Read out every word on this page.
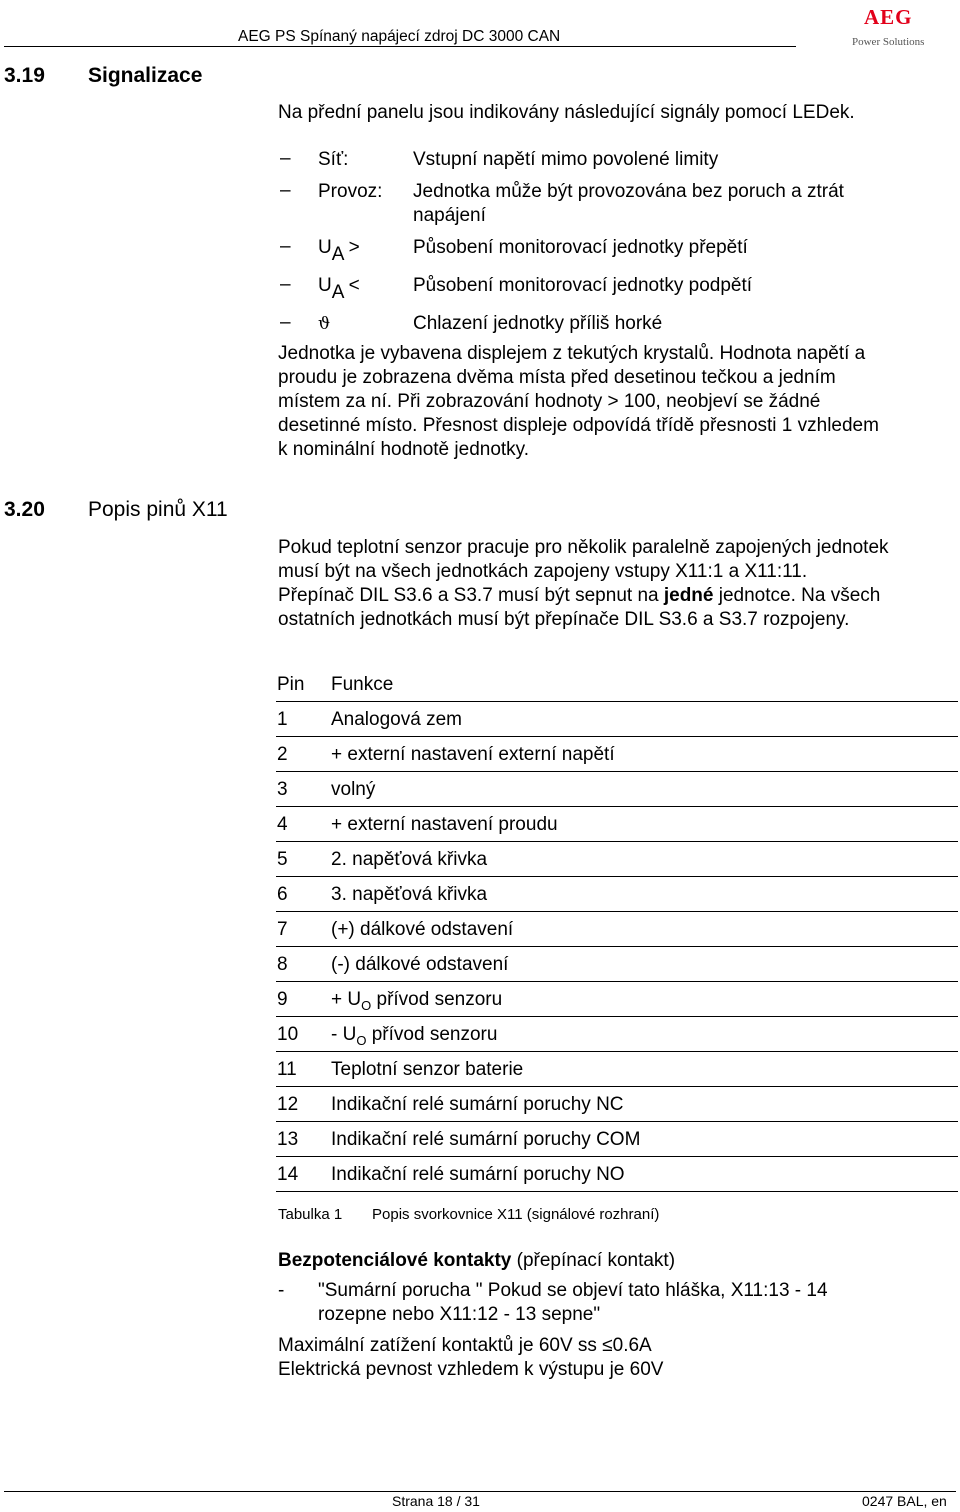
AEG PS Spínaný napájecí zdroj DC 3000 CAN
AEG
Power Solutions
3.19 Signalizace
Na přední panelu jsou indikovány následující signály pomocí LEDek.
– Síť:	Vstupní napětí mimo povolené limity
– Provoz: Jednotka může být provozována bez poruch a ztrát
napájení
– UA >	Působení monitorovací jednotky přepětí
– UA <	Působení monitorovací jednotky podpětí
– ϑ	Chlazení jednotky příliš horké
Jednotka je vybavena displejem z tekutých krystalů. Hodnota napětí a
proudu je zobrazena dvěma místa před desetinou tečkou a jedním
místem za ní. Při zobrazování hodnoty > 100, neobjeví se žádné
desetinné místo. Přesnost displeje odpovídá třídě přesnosti 1 vzhledem
k nominální hodnotě jednotky.
3.20 Popis pinů X11
Pokud teplotní senzor pracuje pro několik paralelně zapojených jednotek
musí být na všech jednotkách zapojeny vstupy X11:1 a X11:11.
Přepínač DIL S3.6 a S3.7 musí být sepnut na jedné jednotce. Na všech
ostatních jednotkách musí být přepínače DIL S3.6 a S3.7 rozpojeny.
Pin Funkce
1 Analogová zem
2 + externí nastavení externí napětí
3 volný
4 + externí nastavení proudu
5 2. napěťová křivka
6 3. napěťová křivka
7 (+) dálkové odstavení
8 (-) dálkové odstavení
$9 + U_O$ přívod senzoru
$10 - U_O$ přívod senzoru
11 Teplotní senzor baterie
12 Indikační relé sumární poruchy NC
13 Indikační relé sumární poruchy COM
14 Indikační relé sumární poruchy NO
Tabulka 1 Popis svorkovnice X11 (signálové rozhraní)
Bezpotenciálové kontakty (přepínací kontakt)
- "Sumární porucha " Pokud se objeví tato hláška, X11:13 - 14
rozepne nebo X11:12 - 13 sepne"
Maximální zatížení kontaktů je 60V ss ≤0.6A
Elektrická pevnost vzhledem k výstupu je 60V
Strana 18 / 31	0247 BAL, en
